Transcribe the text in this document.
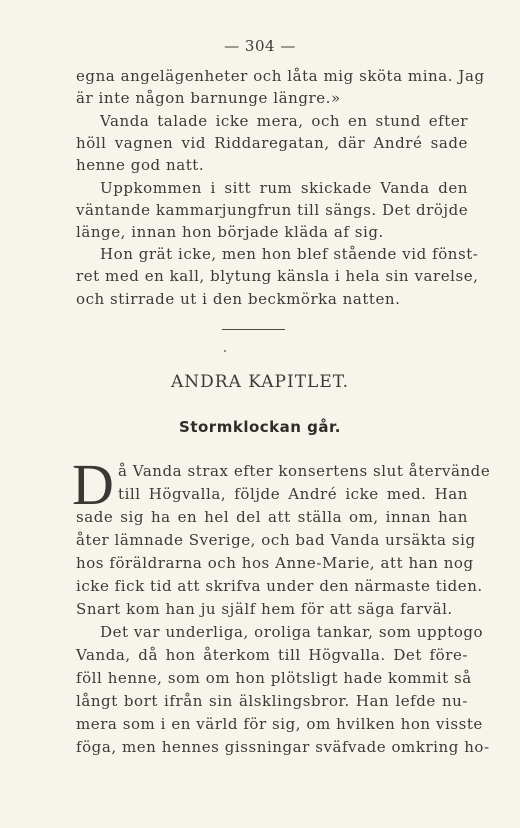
— 304 —
egna angelägenheter och låta mig sköta mina. Jag
är inte någon barnunge längre.»
Vanda talade icke mera, och en stund efter
höll vagnen vid Riddaregatan, där André sade
henne god natt.
Uppkommen i sitt rum skickade Vanda den
väntande kammarjungfrun till sängs. Det dröjde
länge, innan hon började kläda af sig.
Hon grät icke, men hon blef stående vid fönst-
ret med en kall, blytung känsla i hela sin varelse,
och stirrade ut i den beckmörka natten.
ANDRA KAPITLET.
Stormklockan går.
D å Vanda strax efter konsertens slut återvände
till Högvalla, följde André icke med. Han
sade sig ha en hel del att ställa om, innan han
åter lämnade Sverige, och bad Vanda ursäkta sig
hos föräldrarna och hos Anne-Marie, att han nog
icke fick tid att skrifva under den närmaste tiden.
Snart kom han ju själf hem för att säga farväl.
Det var underliga, oroliga tankar, som upptogo
Vanda, då hon återkom till Högvalla. Det före-
föll henne, som om hon plötsligt hade kommit så
långt bort ifrån sin älsklingsbror. Han lefde nu-
mera som i en värld för sig, om hvilken hon visste
föga, men hennes gissningar sväfvade omkring ho-
